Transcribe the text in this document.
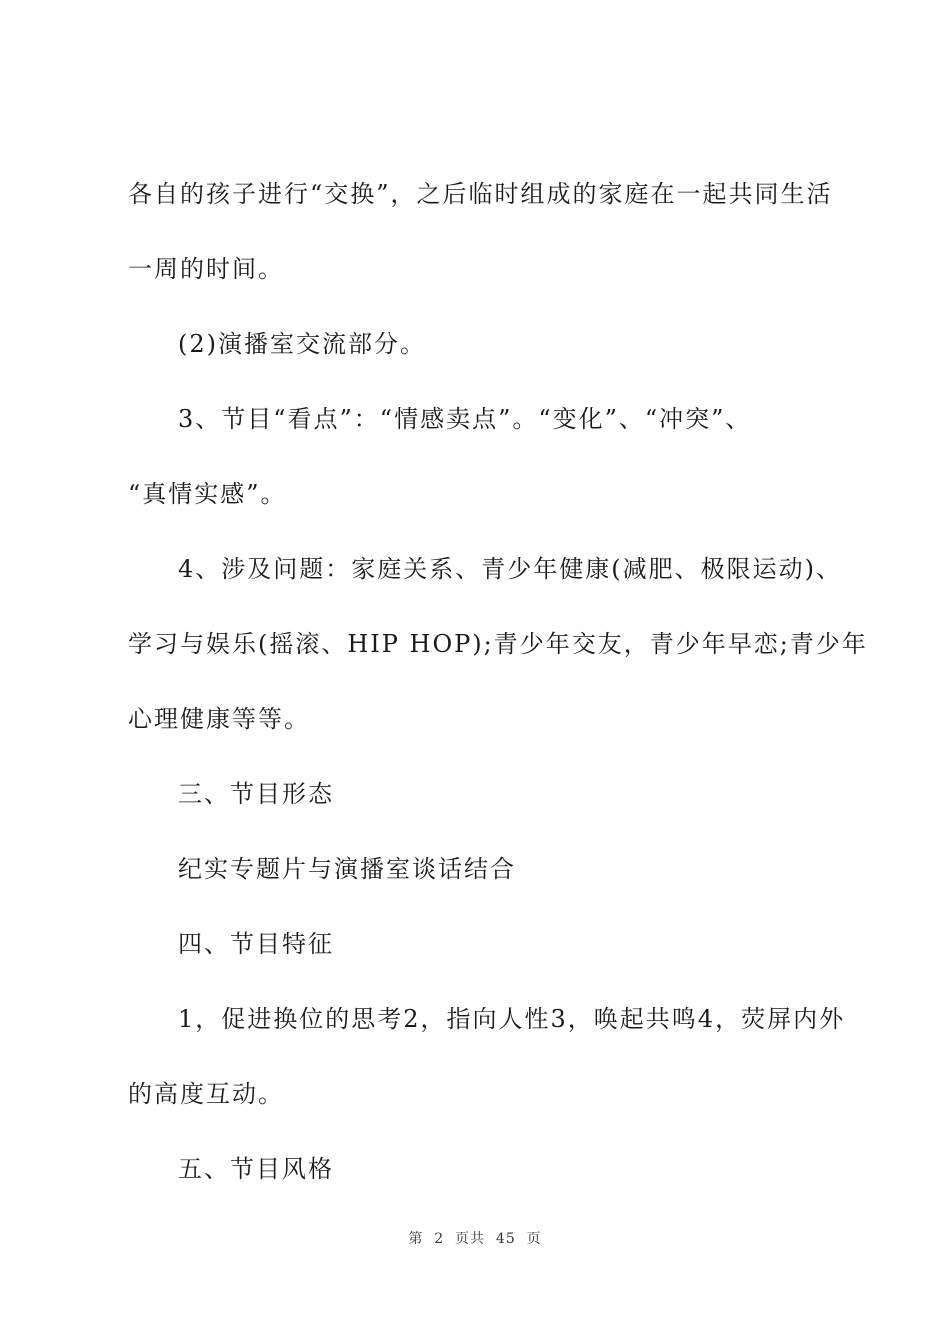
各自的孩子进行“交换”，之后临时组成的家庭在一起共同生活
一周的时间。
(2)演播室交流部分。
3、节目“看点”：“情感卖点”。“变化”、“冲突”、
“真情实感”。
4、涉及问题：家庭关系、青少年健康(减肥、极限运动)、
学习与娱乐(摇滚、HIP HOP);青少年交友，青少年早恋;青少年
心理健康等等。
三、节目形态
纪实专题片与演播室谈话结合
四、节目特征
1，促进换位的思考2，指向人性3，唤起共鸣4，荧屏内外
的高度互动。
五、节目风格
第  2  页共  45  页
